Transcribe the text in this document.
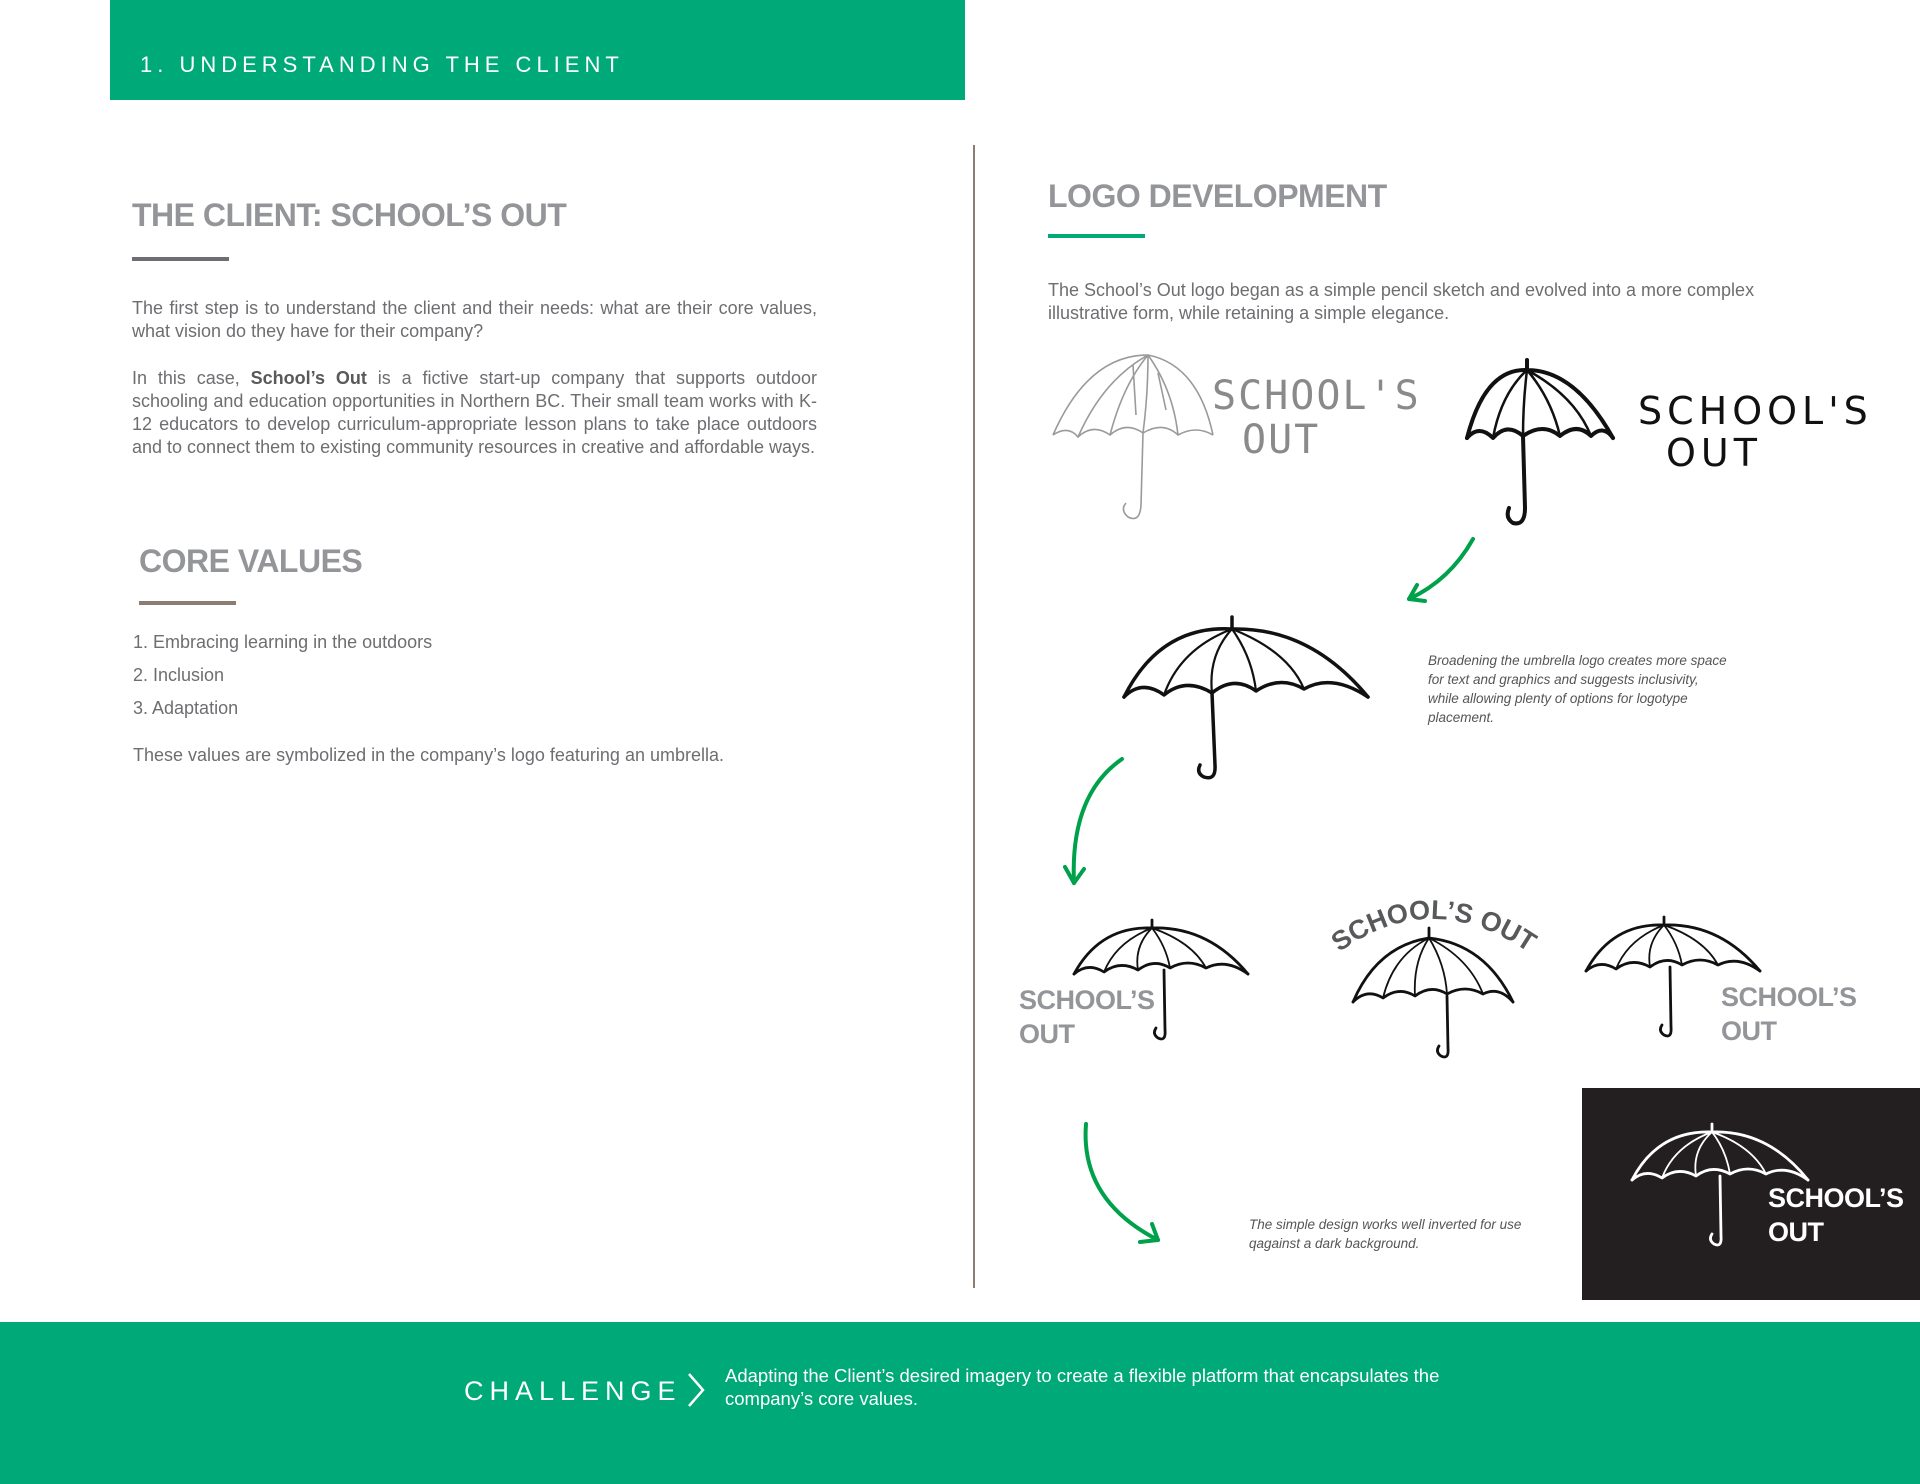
1. UNDERSTANDING THE CLIENT
THE CLIENT: SCHOOL’S OUT
The first step is to understand the client and their needs: what are their core values, what vision do they have for their company?
In this case, School’s Out is a fictive start-up company that supports outdoor schooling and education opportunities in Northern BC. Their small team works with K-12 educators to develop curriculum-appropriate lesson plans to take place outdoors and to connect them to existing community resources in creative and affordable ways.
CORE VALUES
1. Embracing learning in the outdoors
2. Inclusion
3. Adaptation
These values are symbolized in the company’s logo featuring an umbrella.
LOGO DEVELOPMENT
The School’s Out logo began as a simple pencil sketch and evolved into a more complex illustrative form, while retaining a simple elegance.
SCHOOL'S
OUT
SCHOOL'S
OUT
Broadening the umbrella logo creates more space for text and graphics and suggests inclusivity, while allowing plenty of options for logotype placement.
SCHOOL’S
OUT
SCHOOL’S OUT
SCHOOL’S
OUT
The simple design works well inverted for use qagainst a dark background.
SCHOOL’S
OUT
CHALLENGE
Adapting the Client’s desired imagery to create a flexible platform that encapsulates the company’s core values.
